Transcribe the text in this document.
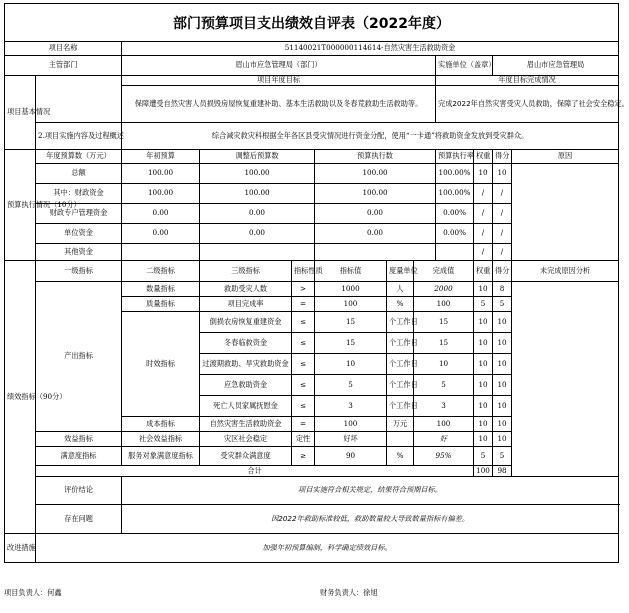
部门预算项目支出绩效自评表（2022年度）
项目名称		51140021T000000114614-自然灾害生活救助资金										
主管部门		眉山市应急管理局（部门）						实施单位（盖章）		眉山市应急管理局		
项目基本情况		项目年度目标						年度目标完成情况				
		保障遭受自然灾害人员损毁房屋恢复重建补助、基本生活救助以及冬春荒救助生活救助等。						完成2022年自然灾害受灾人员救助，保障了社会安全稳定。				
	2.项目实施内容及过程概述	综合减灾救灾科根据全年各区县受灾情况进行资金分配，使用“一卡通”将救助资金发放到受灾群众。										

预算执行情况（10分）	年度预算数（万元）	年初预算	调整后预算数		预算执行数			预算执行率	权重	得分	原因	
	总额	100.00	100.00		100.00			100.00%	10	10		
	其中：财政资金	100.00	100.00		100.00			100.00%	/	/		
	财政专户管理资金	0.00	0.00		0.00			0.00%	/	/		
	单位资金	0.00	0.00		0.00			0.00%	/	/		
	其他资金								/	/		
绩效指标（90分）	一级指标	二级指标	三级指标	指标性质	指标值	度量单位	完成值		权重	得分	未完成原因分析	
	产出指标	数量指标	救助受灾人数	>	1000	人	2000		10	8		
		质量指标	项目完成率	=	100	%	100		5	5		
		时效指标	倒损农房恢复重建资金	≤	15	个工作日	15		10	10		
			冬春临救资金	≤	15	个工作日	15		10	10		
			过渡期救助、旱灾救助资金	≤	10	个工作日	10		10	10		
			应急救助资金	≤	5	个工作日	5		10	10		
			死亡人员家属抚慰金	≤	3	个工作日	3		10	10		
		成本指标	自然灾害生活救助资金	=	100	万元	100		10	10		
	效益指标	社会效益指标	灾区社会稳定	定性	好坏		好		10	10		
	满意度指标	服务对象满意度指标	受灾群众满意度	≥	90	%	95%		5	5		
	合计								100	98		
	评价结论	项目实施符合相关规定，结果符合预期目标。										
	存在问题	因2022年救助标准较低，救助数量较大导致数量指标有偏差。										
改进措施	加强年初预算编制，科学确定绩效目标。											
项目负责人：何鑫	财务负责人：徐旭
